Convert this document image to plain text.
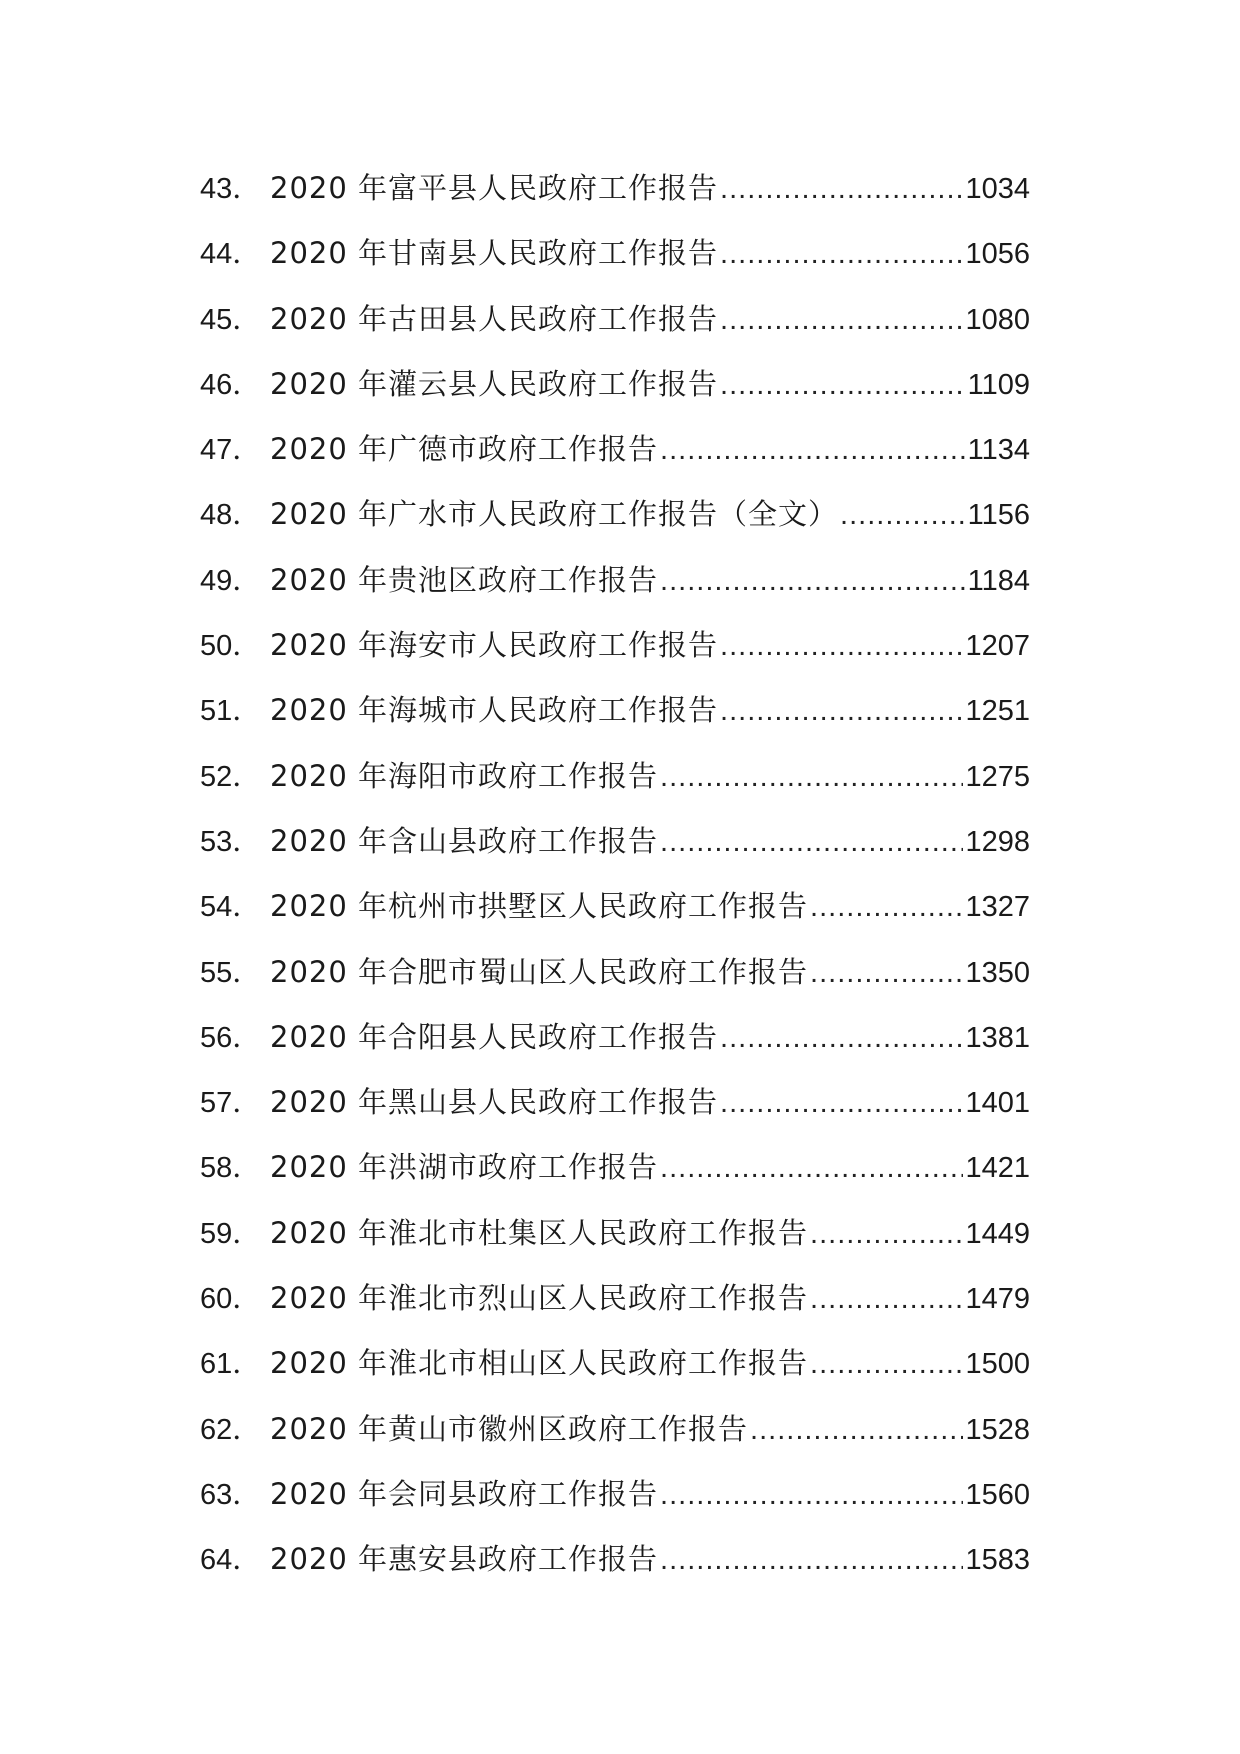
43． 2020 年富平县人民政府工作报告 .....	1034
44． 2020 年甘南县人民政府工作报告 .....	1056
45． 2020 年古田县人民政府工作报告 .....	1080
46． 2020 年灌云县人民政府工作报告 .....	1109
47． 2020 年广德市政府工作报告 .....	1134
48． 2020 年广水市人民政府工作报告（全文） .....	1156
49． 2020 年贵池区政府工作报告 .....	1184
50． 2020 年海安市人民政府工作报告 .....	1207
51． 2020 年海城市人民政府工作报告 .....	1251
52． 2020 年海阳市政府工作报告 .....	1275
53． 2020 年含山县政府工作报告 .....	1298
54． 2020 年杭州市拱墅区人民政府工作报告 .....	1327
55． 2020 年合肥市蜀山区人民政府工作报告 .....	1350
56． 2020 年合阳县人民政府工作报告 .....	1381
57． 2020 年黑山县人民政府工作报告 .....	1401
58． 2020 年洪湖市政府工作报告 .....	1421
59． 2020 年淮北市杜集区人民政府工作报告 .....	1449
60． 2020 年淮北市烈山区人民政府工作报告 .....	1479
61． 2020 年淮北市相山区人民政府工作报告 .....	1500
62． 2020 年黄山市徽州区政府工作报告 .....	1528
63． 2020 年会同县政府工作报告 .....	1560
64． 2020 年惠安县政府工作报告 .....	1583
